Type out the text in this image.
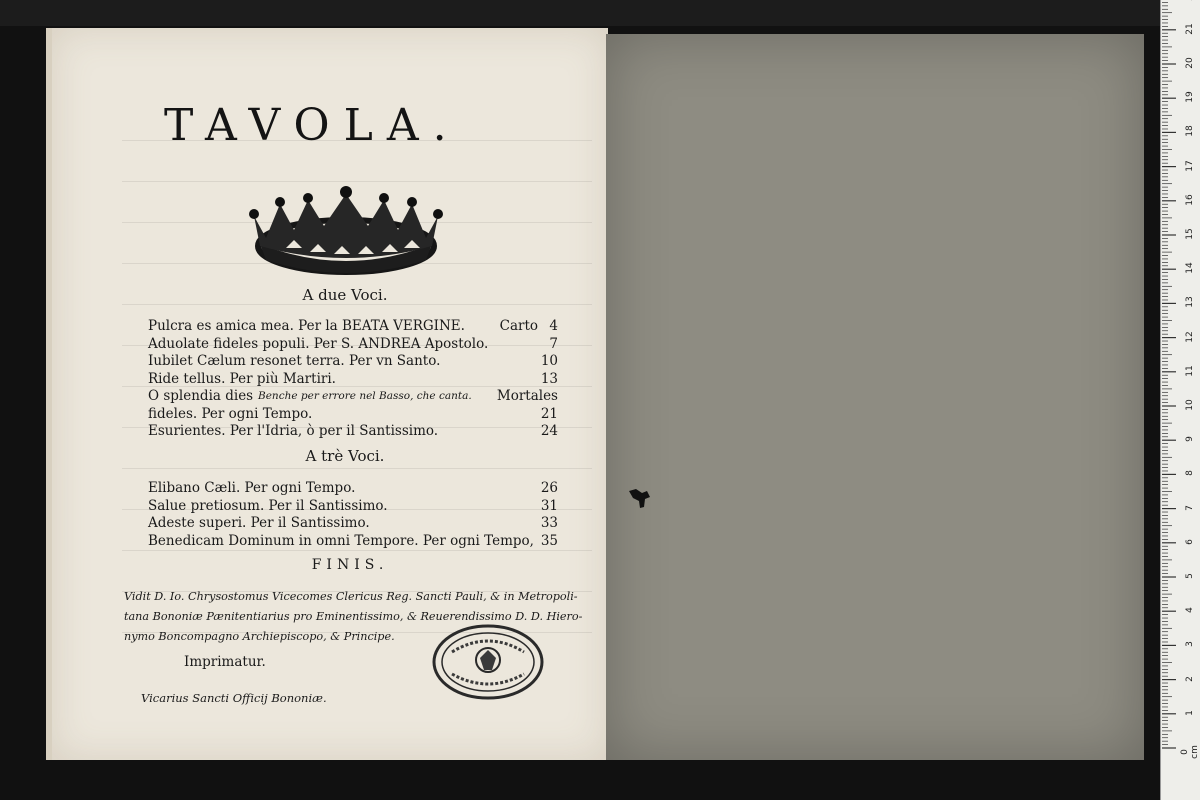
TAVOLA.
A due Voci.
Pulcra es amica mea. Per la BEATA VERGINE.	Carto 4
Aduolate fideles populi. Per S. ANDREA Apostolo.	7
Iubilet Cælum resonet terra. Per vn Santo.	10
Ride tellus. Per più Martiri.	13
O splendia dies Benche per errore nel Basso, che canta. Mortales
fideles. Per ogni Tempo.	21
Esurientes. Per l'Idria, ò per il Santissimo.	24
A trè Voci.
Elibano Cæli. Per ogni Tempo.	26
Salue pretiosum. Per il Santissimo.	31
Adeste superi. Per il Santissimo.	33
Benedicam Dominum in omni Tempore. Per ogni Tempo, 35
FINIS.
Vidit D. Io. Chrysostomus Vicecomes Clericus Reg. Sancti Pauli, & in Metropoli-
tana Bononiæ Pænitentiarius pro Eminentissimo, & Reuerendissimo D. D. Hiero-
nymo Boncompagno Archiepiscopo, & Principe.
Imprimatur.
Vicarius Sancti Officij Bononiæ.
0 cm
1
2
3
4
5
6
7
8
9
10
11
12
13
14
15
16
17
18
19
20
21
